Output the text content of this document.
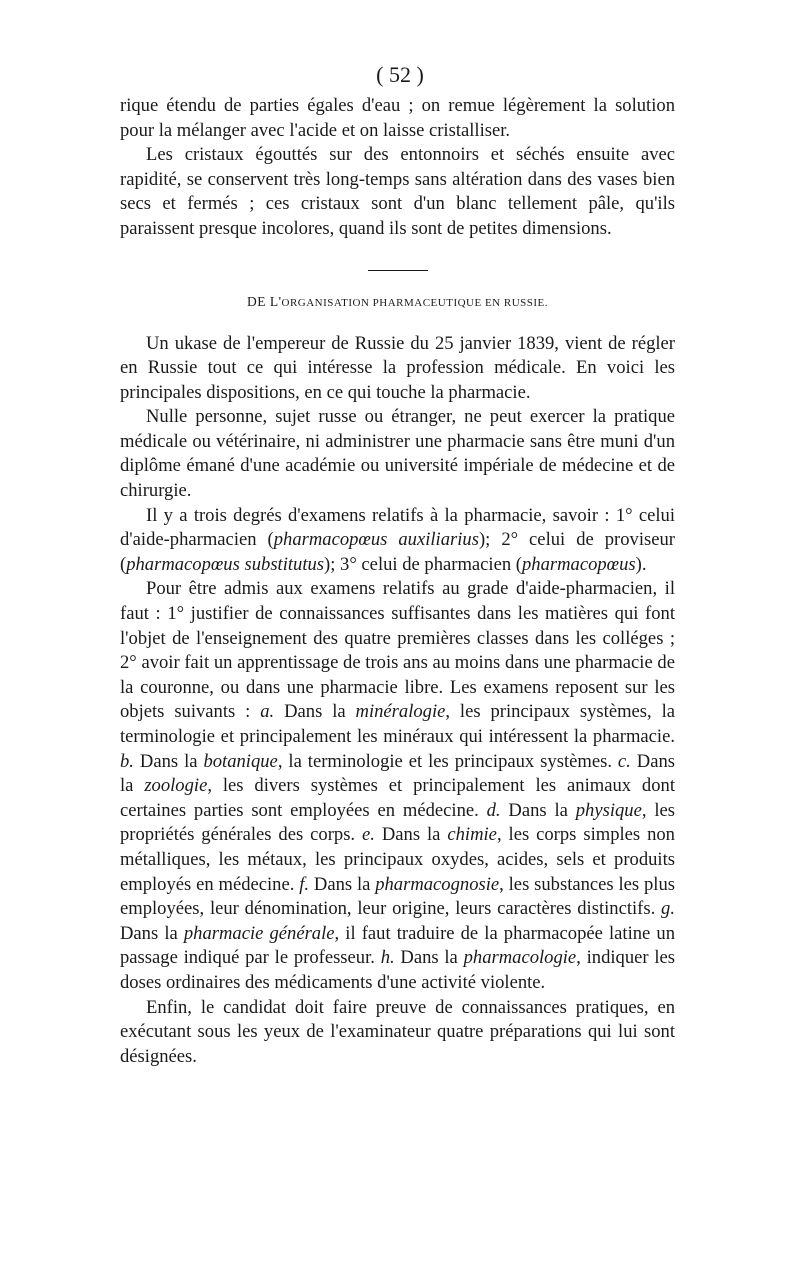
( 52 )

rique étendu de parties égales d'eau ; on remue légèrement la solution pour la mélanger avec l'acide et on laisse cristalliser.

Les cristaux égouttés sur des entonnoirs et séchés ensuite avec rapidité, se conservent très long-temps sans altération dans des vases bien secs et fermés ; ces cristaux sont d'un blanc tellement pâle, qu'ils paraissent presque incolores, quand ils sont de petites dimensions.

DE L'ORGANISATION PHARMACEUTIQUE EN RUSSIE.

Un ukase de l'empereur de Russie du 25 janvier 1839, vient de régler en Russie tout ce qui intéresse la profession médicale. En voici les principales dispositions, en ce qui touche la pharmacie.

Nulle personne, sujet russe ou étranger, ne peut exercer la pratique médicale ou vétérinaire, ni administrer une pharmacie sans être muni d'un diplôme émané d'une académie ou université impériale de médecine et de chirurgie.

Il y a trois degrés d'examens relatifs à la pharmacie, savoir : 1° celui d'aide-pharmacien (pharmacopœus auxiliarius); 2° celui de proviseur (pharmacopœus substitutus); 3° celui de pharmacien (pharmacopœus).

Pour être admis aux examens relatifs au grade d'aide-pharmacien, il faut : 1° justifier de connaissances suffisantes dans les matières qui font l'objet de l'enseignement des quatre premières classes dans les colléges ; 2° avoir fait un apprentissage de trois ans au moins dans une pharmacie de la couronne, ou dans une pharmacie libre. Les examens reposent sur les objets suivants : a. Dans la minéralogie, les principaux systèmes, la terminologie et principalement les minéraux qui intéressent la pharmacie. b. Dans la botanique, la terminologie et les principaux systèmes. c. Dans la zoologie, les divers systèmes et principalement les animaux dont certaines parties sont employées en médecine. d. Dans la physique, les propriétés générales des corps. e. Dans la chimie, les corps simples non métalliques, les métaux, les principaux oxydes, acides, sels et produits employés en médecine. f. Dans la pharmacognosie, les substances les plus employées, leur dénomination, leur origine, leurs caractères distinctifs. g. Dans la pharmacie générale, il faut traduire de la pharmacopée latine un passage indiqué par le professeur. h. Dans la pharmacologie, indiquer les doses ordinaires des médicaments d'une activité violente.

Enfin, le candidat doit faire preuve de connaissances pratiques, en exécutant sous les yeux de l'examinateur quatre préparations qui lui sont désignées.
